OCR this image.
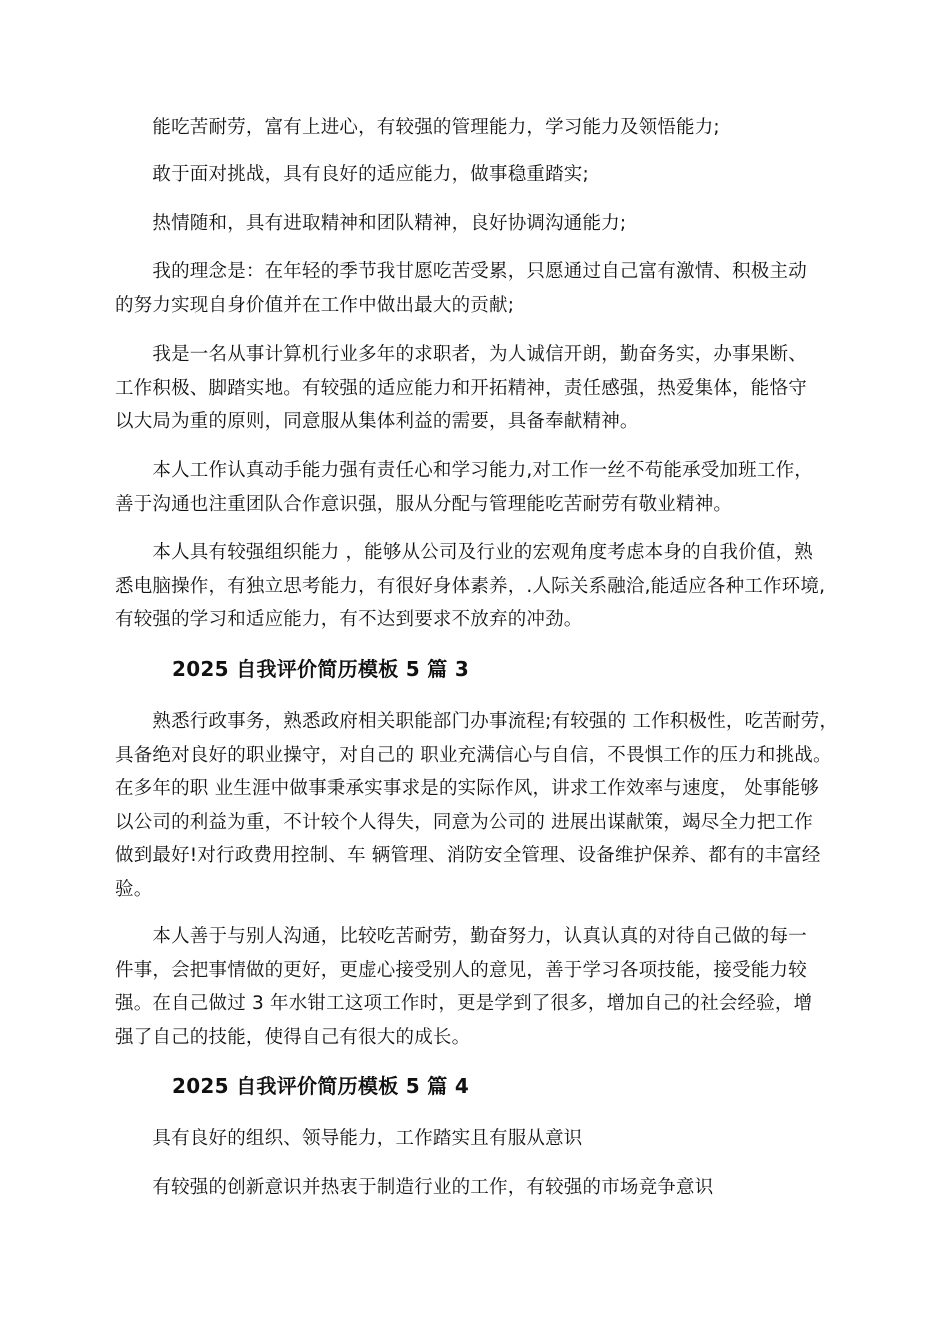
　　能吃苦耐劳，富有上进心，有较强的管理能力，学习能力及领悟能力;

　　敢于面对挑战，具有良好的适应能力，做事稳重踏实;

　　热情随和，具有进取精神和团队精神，良好协调沟通能力;

　　我的理念是：在年轻的季节我甘愿吃苦受累，只愿通过自己富有激情、积极主动
的努力实现自身价值并在工作中做出最大的贡献;

　　我是一名从事计算机行业多年的求职者，为人诚信开朗，勤奋务实，办事果断、
工作积极、脚踏实地。有较强的适应能力和开拓精神，责任感强，热爱集体，能恪守
以大局为重的原则，同意服从集体利益的需要，具备奉献精神。

　　本人工作认真动手能力强有责任心和学习能力,对工作一丝不苟能承受加班工作，
善于沟通也注重团队合作意识强，服从分配与管理能吃苦耐劳有敬业精神。

　　本人具有较强组织能力 ，能够从公司及行业的宏观角度考虑本身的自我价值，熟
悉电脑操作，有独立思考能力，有很好身体素养，.人际关系融洽,能适应各种工作环境,
有较强的学习和适应能力，有不达到要求不放弃的冲劲。

2025 自我评价简历模板 5 篇 3

　　熟悉行政事务，熟悉政府相关职能部门办事流程;有较强的 工作积极性，吃苦耐劳，
具备绝对良好的职业操守，对自己的 职业充满信心与自信，不畏惧工作的压力和挑战。
在多年的职 业生涯中做事秉承实事求是的实际作风，讲求工作效率与速度， 处事能够
以公司的利益为重，不计较个人得失，同意为公司的 进展出谋献策，竭尽全力把工作
做到最好!对行政费用控制、车 辆管理、消防安全管理、设备维护保养、都有的丰富经
验。

　　本人善于与别人沟通，比较吃苦耐劳，勤奋努力，认真认真的对待自己做的每一
件事，会把事情做的更好，更虚心接受别人的意见，善于学习各项技能，接受能力较
强。在自己做过 3 年水钳工这项工作时，更是学到了很多，增加自己的社会经验，增
强了自己的技能，使得自己有很大的成长。

2025 自我评价简历模板 5 篇 4

　　具有良好的组织、领导能力，工作踏实且有服从意识

　　有较强的创新意识并热衷于制造行业的工作，有较强的市场竞争意识
